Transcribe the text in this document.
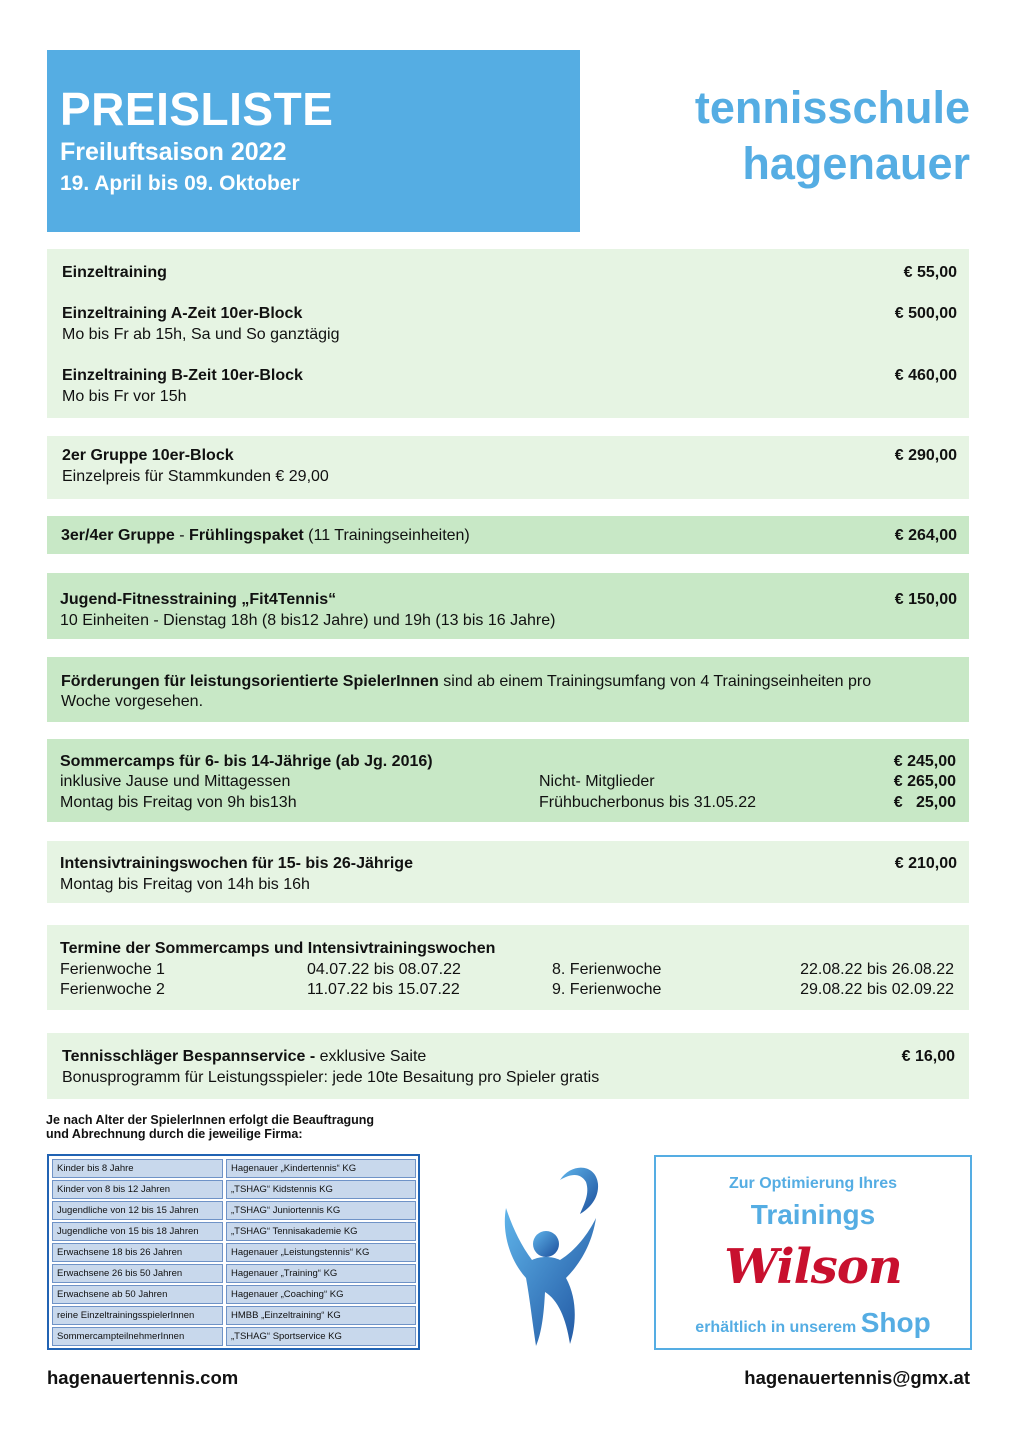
PREISLISTE
Freiluftsaison 2022
19. April bis 09. Oktober
tennisschule
hagenauer
Einzeltraining	€ 55,00
Einzeltraining A-Zeit 10er-Block	€ 500,00
Mo bis Fr ab 15h, Sa und So ganztägig
Einzeltraining B-Zeit 10er-Block	€ 460,00
Mo bis Fr vor 15h
2er Gruppe 10er-Block	€ 290,00
Einzelpreis für Stammkunden € 29,00
3er/4er Gruppe - Frühlingspaket (11 Trainingseinheiten)	€ 264,00
Jugend-Fitnesstraining „Fit4Tennis“	€ 150,00
10 Einheiten - Dienstag 18h (8 bis12 Jahre) und 19h (13 bis 16 Jahre)
Förderungen für leistungsorientierte SpielerInnen sind ab einem Trainingsumfang von 4 Trainingseinheiten pro
Woche vorgesehen.
Sommercamps für 6- bis 14-Jährige (ab Jg. 2016)	€ 245,00
inklusive Jause und Mittagessen	Nicht- Mitglieder	€ 265,00
Montag bis Freitag von 9h bis13h	Frühbucherbonus bis 31.05.22	€   25,00
Intensivtrainingswochen für 15- bis 26-Jährige	€ 210,00
Montag bis Freitag von 14h bis 16h
Termine der Sommercamps und Intensivtrainingswochen
Ferienwoche 1	04.07.22 bis 08.07.22	8. Ferienwoche	22.08.22 bis 26.08.22
Ferienwoche 2	11.07.22 bis 15.07.22	9. Ferienwoche	29.08.22 bis 02.09.22
Tennisschläger Bespannservice - exklusive Saite	€ 16,00
Bonusprogramm für Leistungsspieler: jede 10te Besaitung pro Spieler gratis
Je nach Alter der SpielerInnen erfolgt die Beauftragung
und Abrechnung durch die jeweilige Firma:
Kinder bis 8 Jahre	Hagenauer „Kindertennis“ KG
Kinder von 8 bis 12 Jahren	„TSHAG“ Kidstennis KG
Jugendliche von 12 bis 15 Jahren	„TSHAG“ Juniortennis KG
Jugendliche von 15 bis 18 Jahren	„TSHAG“ Tennisakademie KG
Erwachsene 18 bis 26 Jahren	Hagenauer „Leistungstennis“ KG
Erwachsene 26 bis 50 Jahren	Hagenauer „Training“ KG
Erwachsene ab 50 Jahren	Hagenauer „Coaching“ KG
reine EinzeltrainingsspielerInnen	HMBB „Einzeltraining“ KG
SommercampteilnehmerInnen	„TSHAG“ Sportservice KG
Zur Optimierung Ihres
Trainings
Wilson
erhältlich in unserem Shop
hagenauertennis.com	hagenauertennis@gmx.at
